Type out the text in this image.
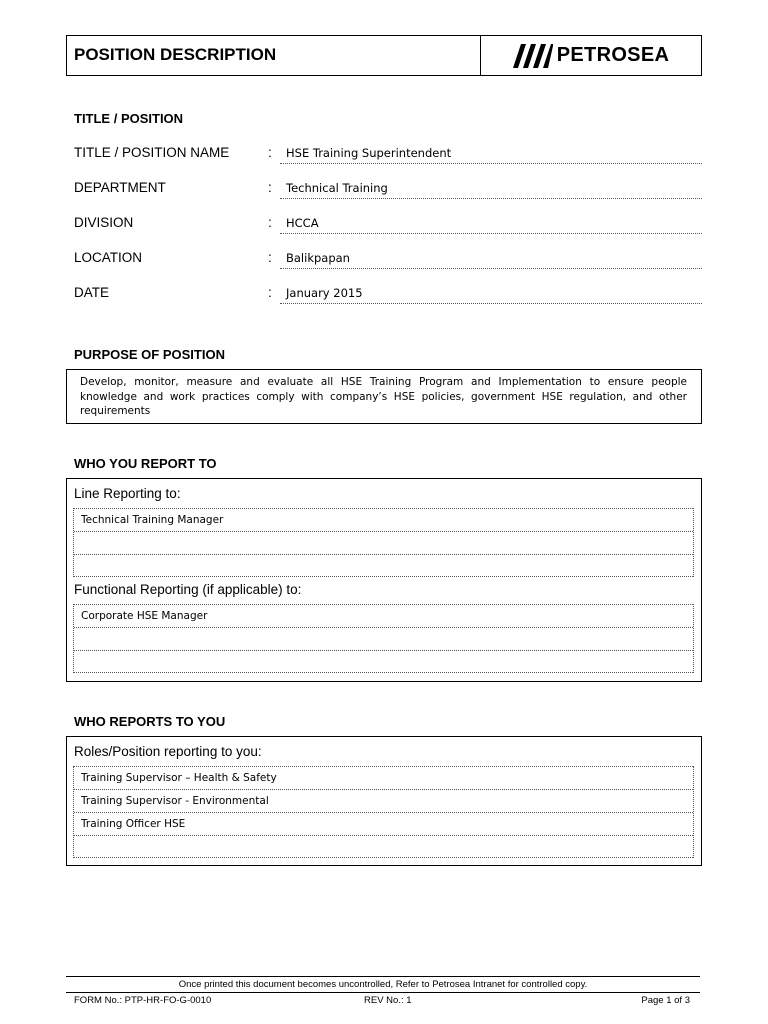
POSITION DESCRIPTION	PETROSEA
TITLE / POSITION
TITLE / POSITION NAME	:	HSE Training Superintendent
DEPARTMENT	:	Technical Training
DIVISION	:	HCCA
LOCATION	:	Balikpapan
DATE	:	January 2015
PURPOSE OF POSITION
Develop, monitor, measure and evaluate all HSE Training Program and Implementation to ensure people knowledge and work practices comply with company’s HSE policies, government HSE regulation, and other requirements
WHO YOU REPORT TO
Line Reporting to:
Technical Training Manager
Functional Reporting (if applicable) to:
Corporate HSE Manager
WHO REPORTS TO YOU
Roles/Position reporting to you:
Training Supervisor – Health & Safety
Training Supervisor - Environmental
Training Officer HSE
Once printed this document becomes uncontrolled, Refer to Petrosea Intranet for controlled copy.
FORM No.: PTP-HR-FO-G-0010	REV No.: 1	Page 1 of 3
